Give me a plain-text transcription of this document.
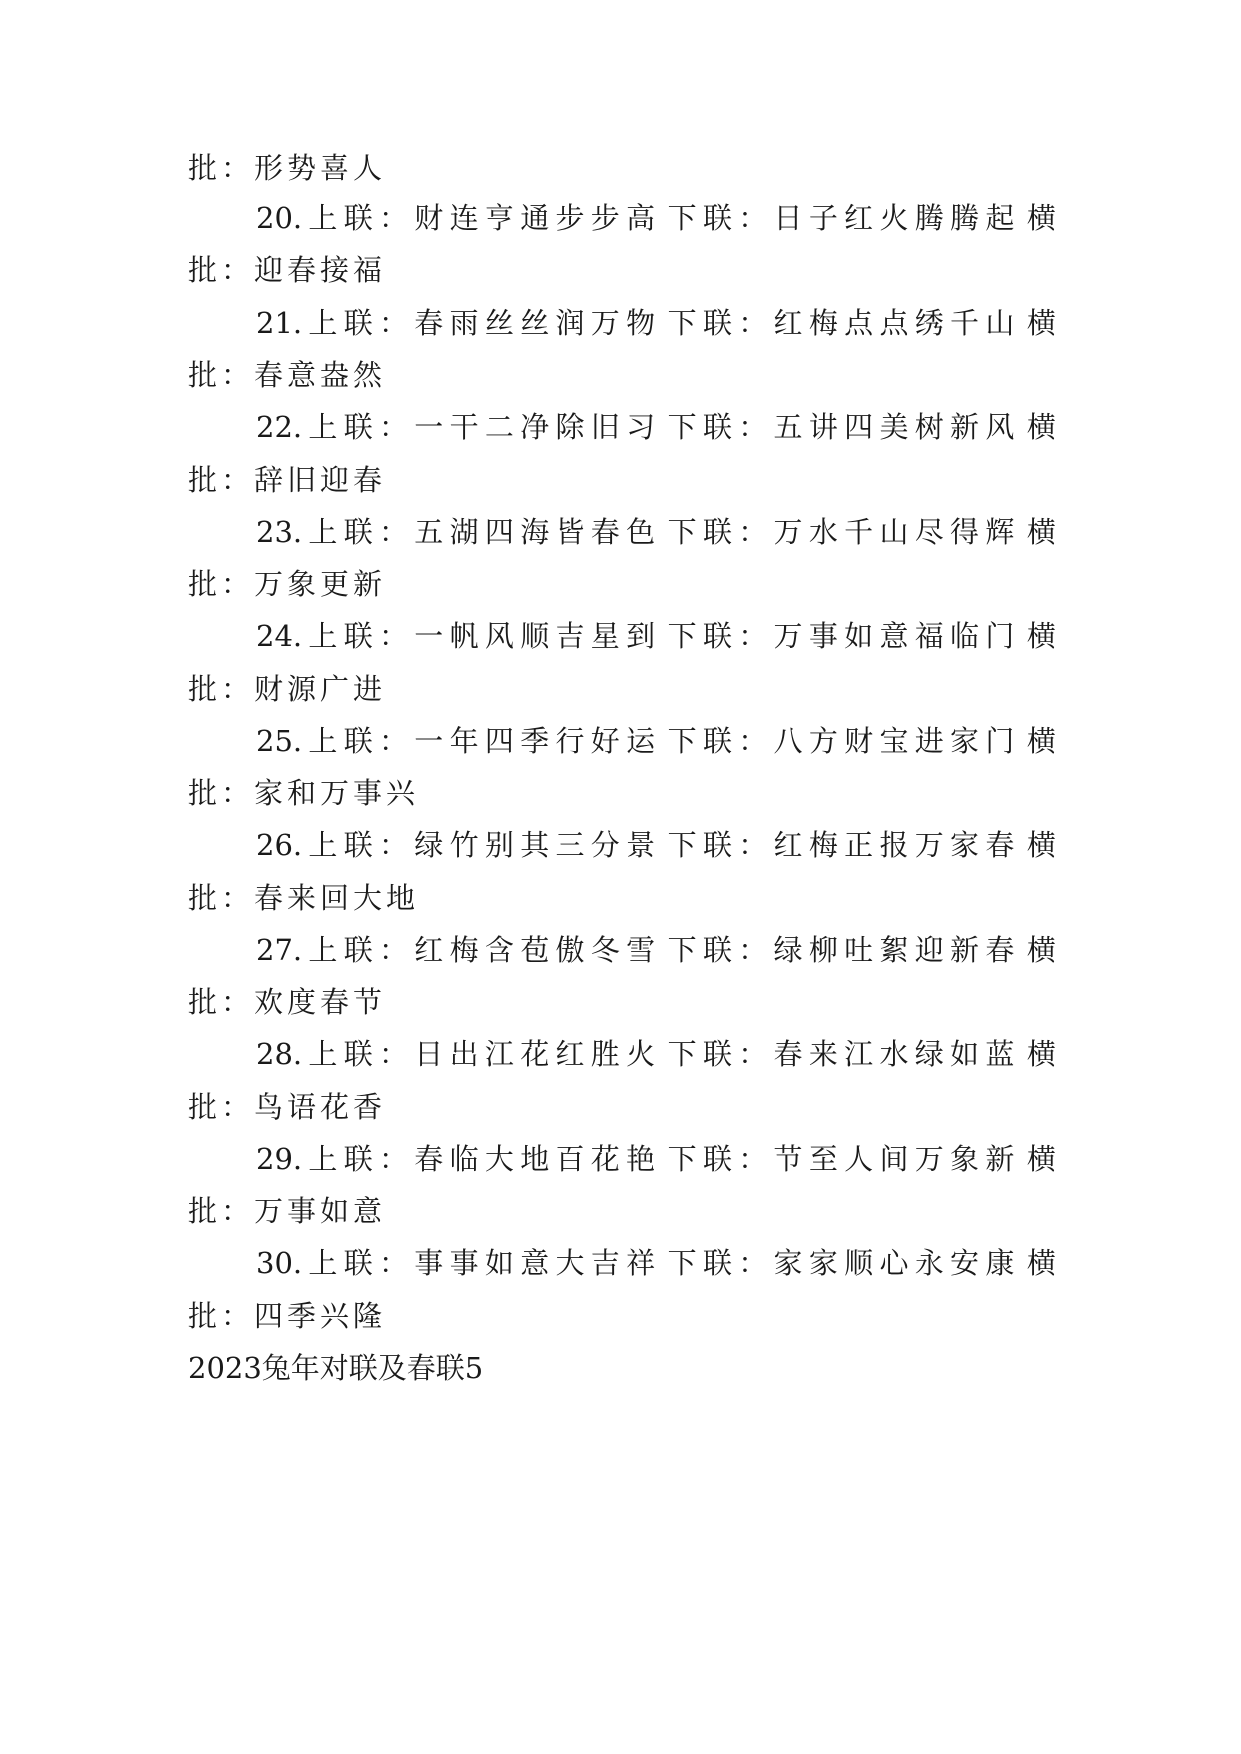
批：形势喜人
20. 上 联 ： 财 连 亨 通 步 步 高 下 联 ： 日 子 红 火 腾 腾 起 横
批：迎春接福
21. 上 联 ： 春 雨 丝 丝 润 万 物 下 联 ： 红 梅 点 点 绣 千 山 横
批：春意盎然
22. 上 联 ： 一 干 二 净 除 旧 习 下 联 ： 五 讲 四 美 树 新 风 横
批：辞旧迎春
23. 上 联 ： 五 湖 四 海 皆 春 色 下 联 ： 万 水 千 山 尽 得 辉 横
批：万象更新
24. 上 联 ： 一 帆 风 顺 吉 星 到 下 联 ： 万 事 如 意 福 临 门 横
批：财源广进
25. 上 联 ： 一 年 四 季 行 好 运 下 联 ： 八 方 财 宝 进 家 门 横
批：家和万事兴
26. 上 联 ： 绿 竹 别 其 三 分 景 下 联 ： 红 梅 正 报 万 家 春 横
批：春来回大地
27. 上 联 ： 红 梅 含 苞 傲 冬 雪 下 联 ： 绿 柳 吐 絮 迎 新 春 横
批：欢度春节
28. 上 联 ： 日 出 江 花 红 胜 火 下 联 ： 春 来 江 水 绿 如 蓝 横
批：鸟语花香
29. 上 联 ： 春 临 大 地 百 花 艳 下 联 ： 节 至 人 间 万 象 新 横
批：万事如意
30. 上 联 ： 事 事 如 意 大 吉 祥 下 联 ： 家 家 顺 心 永 安 康 横
批：四季兴隆
2023兔年对联及春联5
